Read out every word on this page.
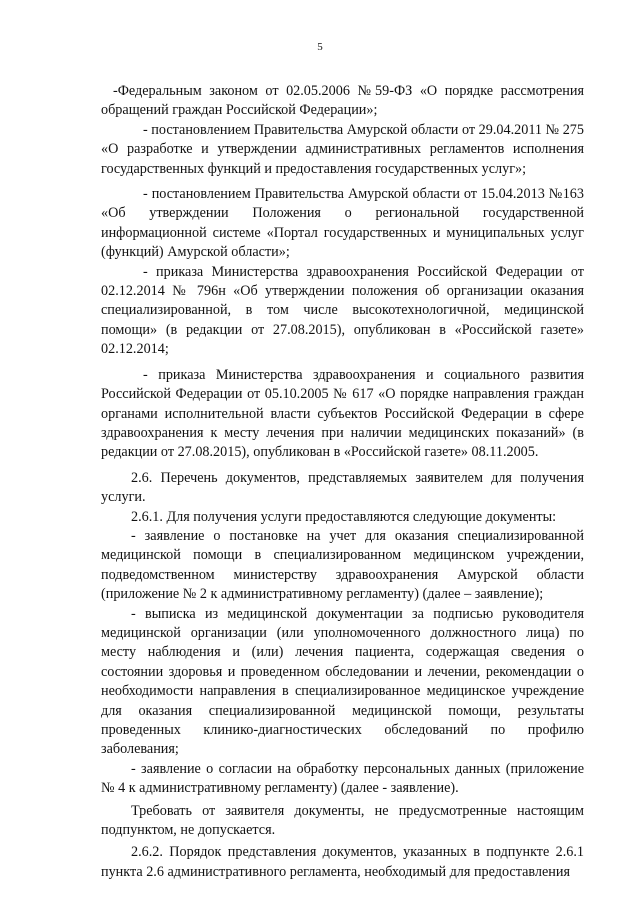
5

-Федеральным законом от 02.05.2006 №59-ФЗ «О порядке рассмотрения обращений граждан Российской Федерации»;

- постановлением Правительства Амурской области от 29.04.2011 № 275 «О разработке и утверждении административных регламентов исполнения государственных функций и предоставления государственных услуг»;

- постановлением Правительства Амурской области от 15.04.2013 №163 «Об утверждении Положения о региональной государственной информационной системе «Портал государственных и муниципальных услуг (функций) Амурской области»;

- приказа Министерства здравоохранения Российской Федерации от 02.12.2014 № 796н «Об утверждении положения об организации оказания специализированной, в том числе высокотехнологичной, медицинской помощи» (в редакции от 27.08.2015), опубликован в «Российской газете» 02.12.2014;

- приказа Министерства здравоохранения и социального развития Российской Федерации от 05.10.2005 № 617 «О порядке направления граждан органами исполнительной власти субъектов Российской Федерации в сфере здравоохранения к месту лечения при наличии медицинских показаний» (в редакции от 27.08.2015), опубликован в «Российской газете» 08.11.2005.

2.6. Перечень документов, представляемых заявителем для получения услуги.

2.6.1. Для получения услуги предоставляются следующие документы:

- заявление о постановке на учет для оказания специализированной медицинской помощи в специализированном медицинском учреждении, подведомственном министерству здравоохранения Амурской области (приложение № 2 к административному регламенту) (далее – заявление);

- выписка из медицинской документации за подписью руководителя медицинской организации (или уполномоченного должностного лица) по месту наблюдения и (или) лечения пациента, содержащая сведения о состоянии здоровья и проведенном обследовании и лечении, рекомендации о необходимости направления в специализированное медицинское учреждение для оказания специализированной медицинской помощи, результаты проведенных клинико-диагностических обследований по профилю заболевания;

- заявление о согласии на обработку персональных данных (приложение № 4 к административному регламенту) (далее - заявление).

Требовать от заявителя документы, не предусмотренные настоящим подпунктом, не допускается.

2.6.2. Порядок представления документов, указанных в подпункте 2.6.1 пункта 2.6 административного регламента, необходимый для предоставления
